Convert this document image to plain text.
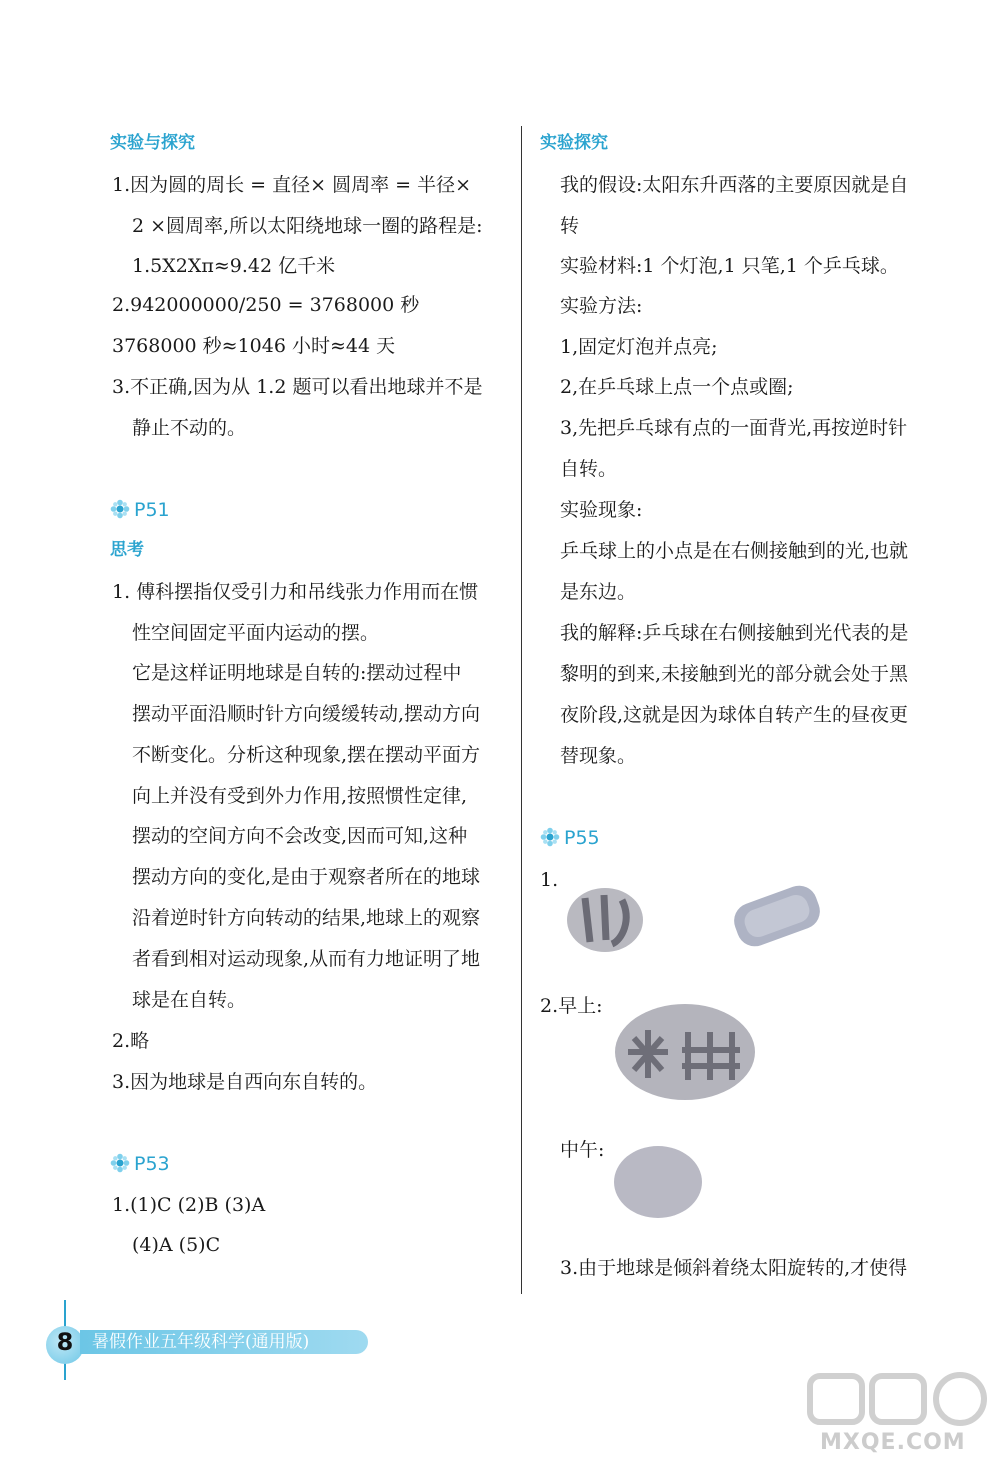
实验与探究
1.因为圆的周长 = 直径× 圆周率 = 半径×
2 ×圆周率,所以太阳绕地球一圈的路程是:
1.5X2Xπ≈9.42 亿千米
2.942000000/250 = 3768000 秒
3768000 秒≈1046 小时≈44 天
3.不正确,因为从 1.2 题可以看出地球并不是
静止不动的。
P51
思考
1. 傅科摆指仅受引力和吊线张力作用而在惯
性空间固定平面内运动的摆。
它是这样证明地球是自转的:摆动过程中
摆动平面沿顺时针方向缓缓转动,摆动方向
不断变化。分析这种现象,摆在摆动平面方
向上并没有受到外力作用,按照惯性定律,
摆动的空间方向不会改变,因而可知,这种
摆动方向的变化,是由于观察者所在的地球
沿着逆时针方向转动的结果,地球上的观察
者看到相对运动现象,从而有力地证明了地
球是在自转。
2.略
3.因为地球是自西向东自转的。
P53
1.(1)C (2)B (3)A
(4)A (5)C
实验探究
我的假设:太阳东升西落的主要原因就是自
转
实验材料:1 个灯泡,1 只笔,1 个乒乓球。
实验方法:
1,固定灯泡并点亮;
2,在乒乓球上点一个点或圈;
3,先把乒乓球有点的一面背光,再按逆时针
自转。
实验现象:
乒乓球上的小点是在右侧接触到的光,也就
是东边。
我的解释:乒乓球在右侧接触到光代表的是
黎明的到来,未接触到光的部分就会处于黑
夜阶段,这就是因为球体自转产生的昼夜更
替现象。
P55
1.
2.早上:
中午:
3.由于地球是倾斜着绕太阳旋转的,才使得
8	暑假作业五年级科学(通用版)
MXQE.COM
